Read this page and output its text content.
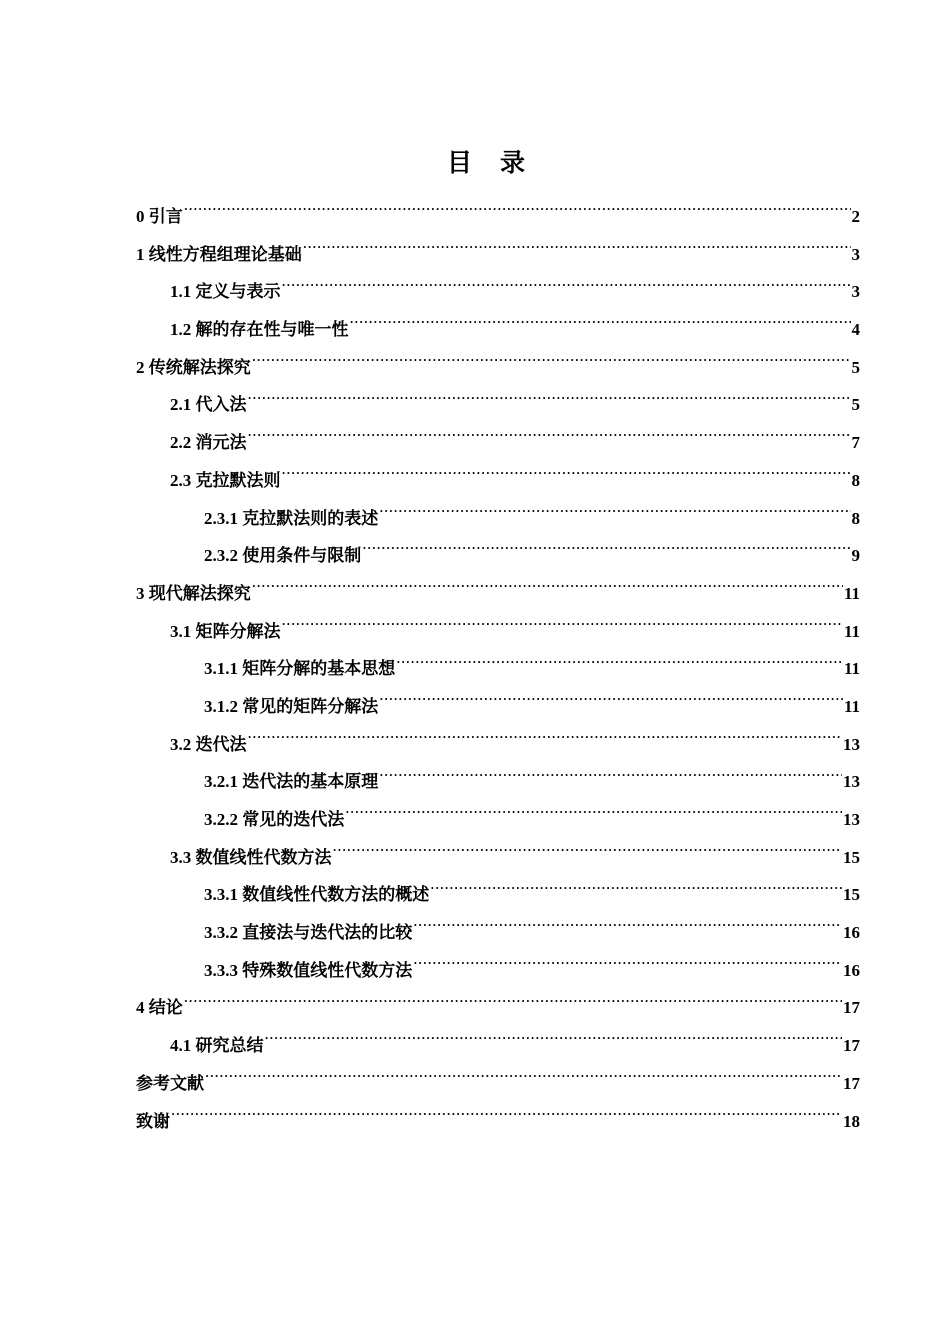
目录
0 引言 .....	2
1 线性方程组理论基础 .....	3
1.1 定义与表示 .....	3
1.2 解的存在性与唯一性 .....	4
2 传统解法探究 .....	5
2.1 代入法 .....	5
2.2 消元法 .....	7
2.3 克拉默法则 .....	8
2.3.1 克拉默法则的表述 .....	8
2.3.2 使用条件与限制 .....	9
3 现代解法探究 .....	11
3.1 矩阵分解法 .....	11
3.1.1 矩阵分解的基本思想 .....	11
3.1.2 常见的矩阵分解法 .....	11
3.2 迭代法 .....	13
3.2.1 迭代法的基本原理 .....	13
3.2.2 常见的迭代法 .....	13
3.3 数值线性代数方法 .....	15
3.3.1 数值线性代数方法的概述 .....	15
3.3.2 直接法与迭代法的比较 .....	16
3.3.3 特殊数值线性代数方法 .....	16
4 结论 .....	17
4.1 研究总结 .....	17
参考文献 .....	17
致谢 .....	18
